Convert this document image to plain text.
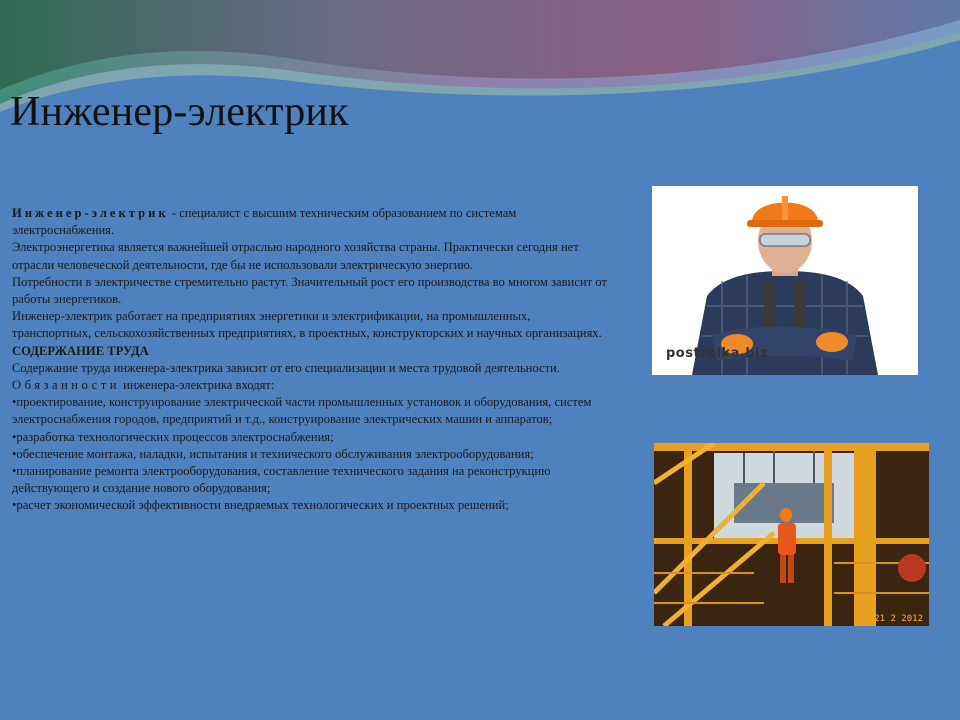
Инженер-электрик

Инженер-электрик - специалист с высшим техническим образованием по системам электроснабжения.

Электроэнергетика является важнейшей отраслью народного хозяйства страны. Практически сегодня нет отрасли человеческой деятельности, где бы не использовали электрическую энергию.

Потребности в электричестве стремительно растут. Значительный рост его производства во многом зависит от работы энергетиков.

Инженер-электрик работает на предприятиях энергетики и электрификации, на промышленных, транспортных, сельскохозяйственных предприятиях, в проектных, конструкторских и научных организациях.

СОДЕРЖАНИЕ ТРУДА

Содержание труда инженера-электрика зависит от его специализации и места трудовой деятельности.

Обязанности инженера-электрика входят:

•проектирование, конструирование электрической части промышленных установок и оборудования, систем электроснабжения городов, предприятий и т.д., конструирование электрических машин и аппаратов;

•разработка технологических процессов электроснабжения;

•обеспечение монтажа, наладки, испытания и технического обслуживания электрооборудования;

•планирование ремонта электрооборудования, составление технического задания на реконструкцию действующего и создание нового оборудования;

•расчет экономической эффективности внедряемых технологических и проектных решений;

postroika.biz
21 2 2012
